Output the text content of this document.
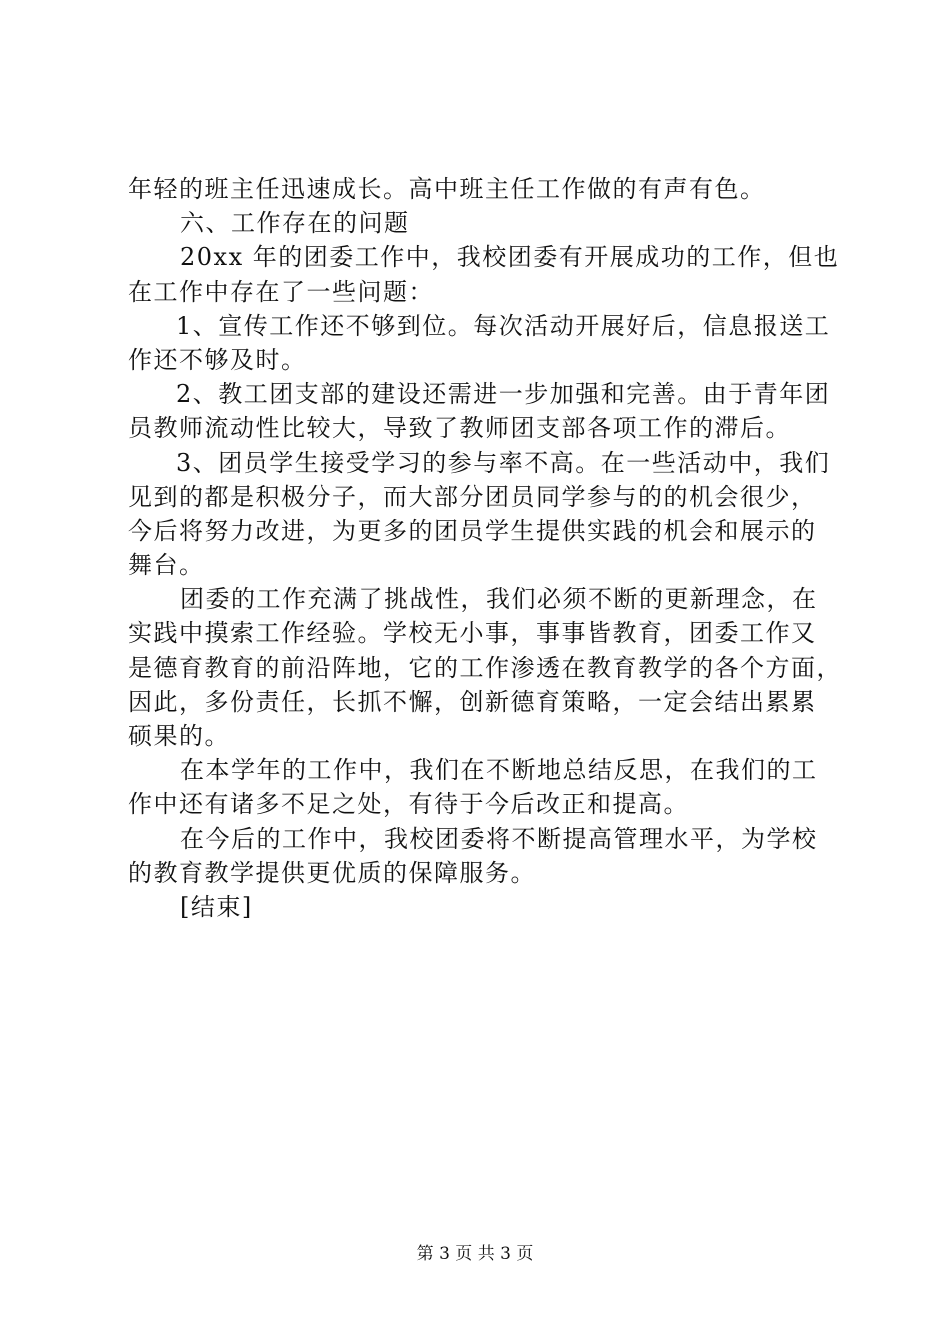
年轻的班主任迅速成长。高中班主任工作做的有声有色。
六、工作存在的问题
20xx 年的团委工作中，我校团委有开展成功的工作，但也
在工作中存在了一些问题：
1、宣传工作还不够到位。每次活动开展好后，信息报送工
作还不够及时。
2、教工团支部的建设还需进一步加强和完善。由于青年团
员教师流动性比较大，导致了教师团支部各项工作的滞后。
3、团员学生接受学习的参与率不高。在一些活动中，我们
见到的都是积极分子，而大部分团员同学参与的的机会很少，
今后将努力改进，为更多的团员学生提供实践的机会和展示的
舞台。
团委的工作充满了挑战性，我们必须不断的更新理念，在
实践中摸索工作经验。学校无小事，事事皆教育，团委工作又
是德育教育的前沿阵地，它的工作渗透在教育教学的各个方面，
因此，多份责任，长抓不懈，创新德育策略，一定会结出累累
硕果的。
在本学年的工作中，我们在不断地总结反思，在我们的工
作中还有诸多不足之处，有待于今后改正和提高。
在今后的工作中，我校团委将不断提高管理水平，为学校
的教育教学提供更优质的保障服务。
[结束]
第 3 页 共 3 页
